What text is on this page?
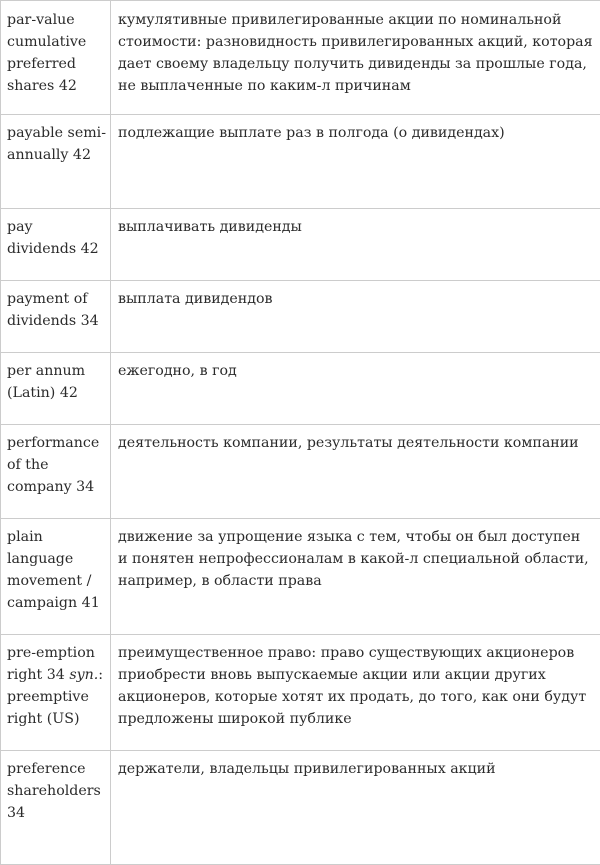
par-value cumulative preferred shares 42	кумулятивные привилегированные акции по номинальной стоимости: разновидность привилегированных акций, которая дает своему владельцу получить дивиденды за прошлые года, не выплаченные по каким-л причинам
payable semi-annually 42	подлежащие выплате раз в полгода (о дивидендах)
pay dividends 42	выплачивать дивиденды
payment of dividends 34	выплата дивидендов
per annum (Latin) 42	ежегодно, в год
performance of the company 34	деятельность компании, результаты деятельности компании
plain language movement / campaign 41	движение за упрощение языка с тем, чтобы он был доступен и понятен непрофессионалам в какой-л специальной области, например, в области права
pre-emption right 34 syn.: preemptive right (US)	преимущественное право: право существующих акционеров приобрести вновь выпускаемые акции или акции других акционеров, которые хотят их продать, до того, как они будут предложены широкой публике
preference shareholders 34	держатели, владельцы привилегированных акций
